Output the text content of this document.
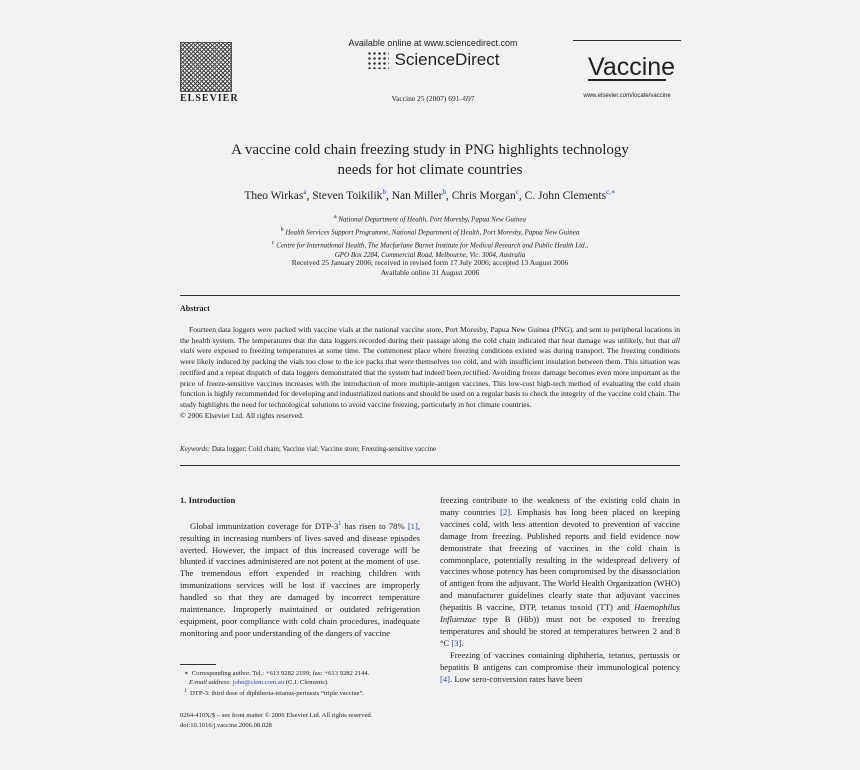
ELSEVIER
Available online at www.sciencedirect.com
ScienceDirect
Vaccine 25 (2007) 691–697
Vaccine
www.elsevier.com/locate/vaccine
A vaccine cold chain freezing study in PNG highlights technology
needs for hot climate countries
Theo Wirkas$^a$, Steven Toikilik$^b$, Nan Miller$^b$, Chris Morgan$^c$, C. John Clements$^{c,∗}$
$^a$ National Department of Health, Port Moresby, Papua New Guinea
$^b$ Health Services Support Programme, National Department of Health, Port Moresby, Papua New Guinea
$^c$ Centre for International Health, The Macfarlane Burnet Institute for Medical Research and Public Health Ltd.,
GPO Box 2284, Commercial Road, Melbourne, Vic. 3004, Australia
Received 25 January 2006; received in revised form 17 July 2006; accepted 13 August 2006
Available online 31 August 2006
Abstract
Fourteen data loggers were packed with vaccine vials at the national vaccine store, Port Moresby, Papua New Guinea (PNG), and sent to peripheral locations in the health system. The temperatures that the data loggers recorded during their passage along the cold chain indicated that heat damage was unlikely, but that all vials were exposed to freezing temperatures at some time. The commonest place where freezing conditions existed was during transport. The freezing conditions were likely induced by packing the vials too close to the ice packs that were themselves too cold, and with insufficient insulation between them. This situation was rectified and a repeat dispatch of data loggers demonstrated that the system had indeed been rectified. Avoiding freeze damage becomes even more important as the price of freeze-sensitive vaccines increases with the introduction of more multiple-antigen vaccines. This low-cost high-tech method of evaluating the cold chain function is highly recommended for developing and industrialized nations and should be used on a regular basis to check the integrity of the vaccine cold chain. The study highlights the need for technological solutions to avoid vaccine freezing, particularly in hot climate countries.
© 2006 Elsevier Ltd. All rights reserved.
Keywords: Data logger; Cold chain; Vaccine vial; Vaccine store; Freezing-sensitive vaccine

1. Introduction

Global immunization coverage for DTP-$3^1$ has risen to 78% [1], resulting in increasing numbers of lives saved and disease episodes averted. However, the impact of this increased coverage will be blunted if vaccines administered are not potent at the moment of use. The tremendous effort expended in reaching children with immunizations services will be lost if vaccines are improperly handled so that they are damaged by incorrect temperature maintenance. Improperly maintained or outdated refrigeration equipment, poor compliance with cold chain procedures, inadequate monitoring and poor understanding of the dangers of vaccine

freezing contribute to the weakness of the existing cold chain in many countries [2]. Emphasis has long been placed on keeping vaccines cold, with less attention devoted to prevention of vaccine damage from freezing. Published reports and field evidence now demonstrate that freezing of vaccines in the cold chain is commonplace, potentially resulting in the widespread delivery of vaccines whose potency has been compromised by the disassociation of antigen from the adjuvant. The World Health Organization (WHO) and manufacturer guidelines clearly state that adjuvant vaccines (hepatitis B vaccine, DTP, tetanus toxoid (TT) and Haemophilus Influenzae type B (Hib)) must not be exposed to freezing temperatures and should be stored at temperatures between 2 and 8 °C [3].

Freezing of vaccines containing diphtheria, tetanus, pertussis or hepatitis B antigens can compromise their immunological potency [4]. Low sero-conversion rates have been

∗  Corresponding author. Tel.: +613 9282 2199; fax: +613 9282 2144.
E-mail address: john@clem.com.au (C.J. Clements).
$^1$ DTP-3: third dose of diphtheria-tetanus-pertussis “triple vaccine”.
0264-410X/$ – see front matter © 2006 Elsevier Ltd. All rights reserved.
doi:10.1016/j.vaccine.2006.08.028
